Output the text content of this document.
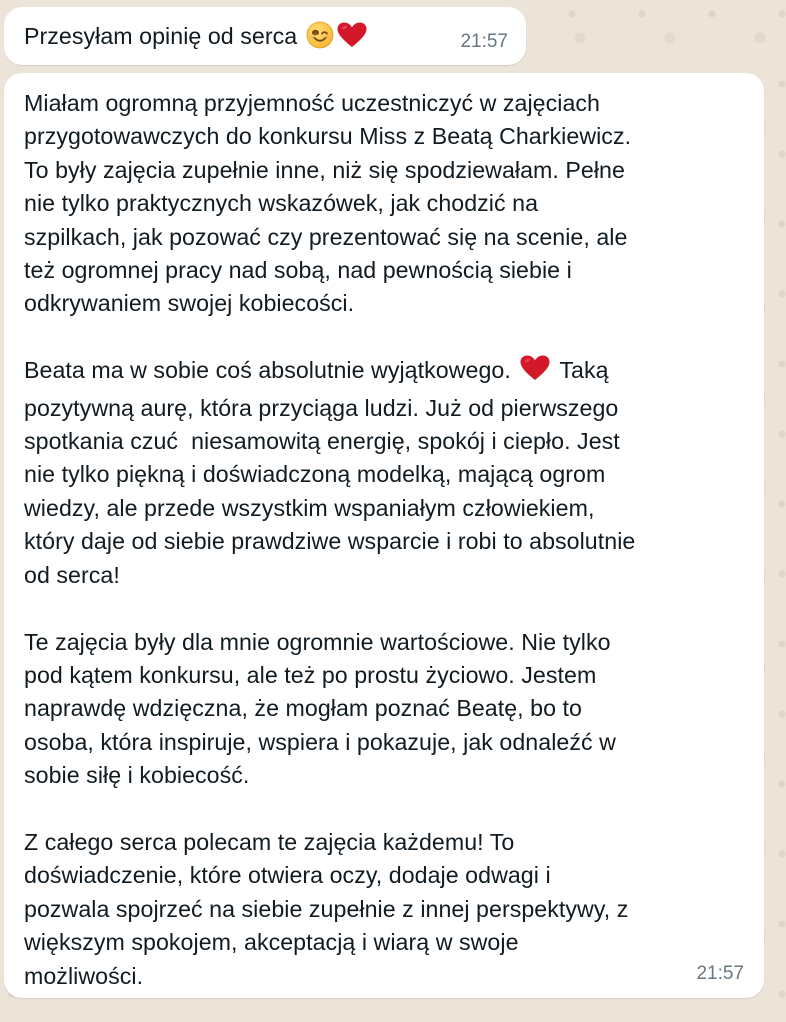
Przesyłam opinię od serca	21:57
Miałam ogromną przyjemność uczestniczyć w zajęciach
przygotowawczych do konkursu Miss z Beatą Charkiewicz.
To były zajęcia zupełnie inne, niż się spodziewałam. Pełne
nie tylko praktycznych wskazówek, jak chodzić na
szpilkach, jak pozować czy prezentować się na scenie, ale
też ogromnej pracy nad sobą, nad pewnością siebie i
odkrywaniem swojej kobiecości.

Beata ma w sobie coś absolutnie wyjątkowego. Taką
pozytywną aurę, która przyciąga ludzi. Już od pierwszego
spotkania czuć  niesamowitą energię, spokój i ciepło. Jest
nie tylko piękną i doświadczoną modelką, mającą ogrom
wiedzy, ale przede wszystkim wspaniałym człowiekiem,
który daje od siebie prawdziwe wsparcie i robi to absolutnie
od serca!

Te zajęcia były dla mnie ogromnie wartościowe. Nie tylko
pod kątem konkursu, ale też po prostu życiowo. Jestem
naprawdę wdzięczna, że mogłam poznać Beatę, bo to
osoba, która inspiruje, wspiera i pokazuje, jak odnaleźć w
sobie siłę i kobiecość.

Z całego serca polecam te zajęcia każdemu! To
doświadczenie, które otwiera oczy, dodaje odwagi i
pozwala spojrzeć na siebie zupełnie z innej perspektywy, z
większym spokojem, akceptacją i wiarą w swoje
możliwości.	21:57
